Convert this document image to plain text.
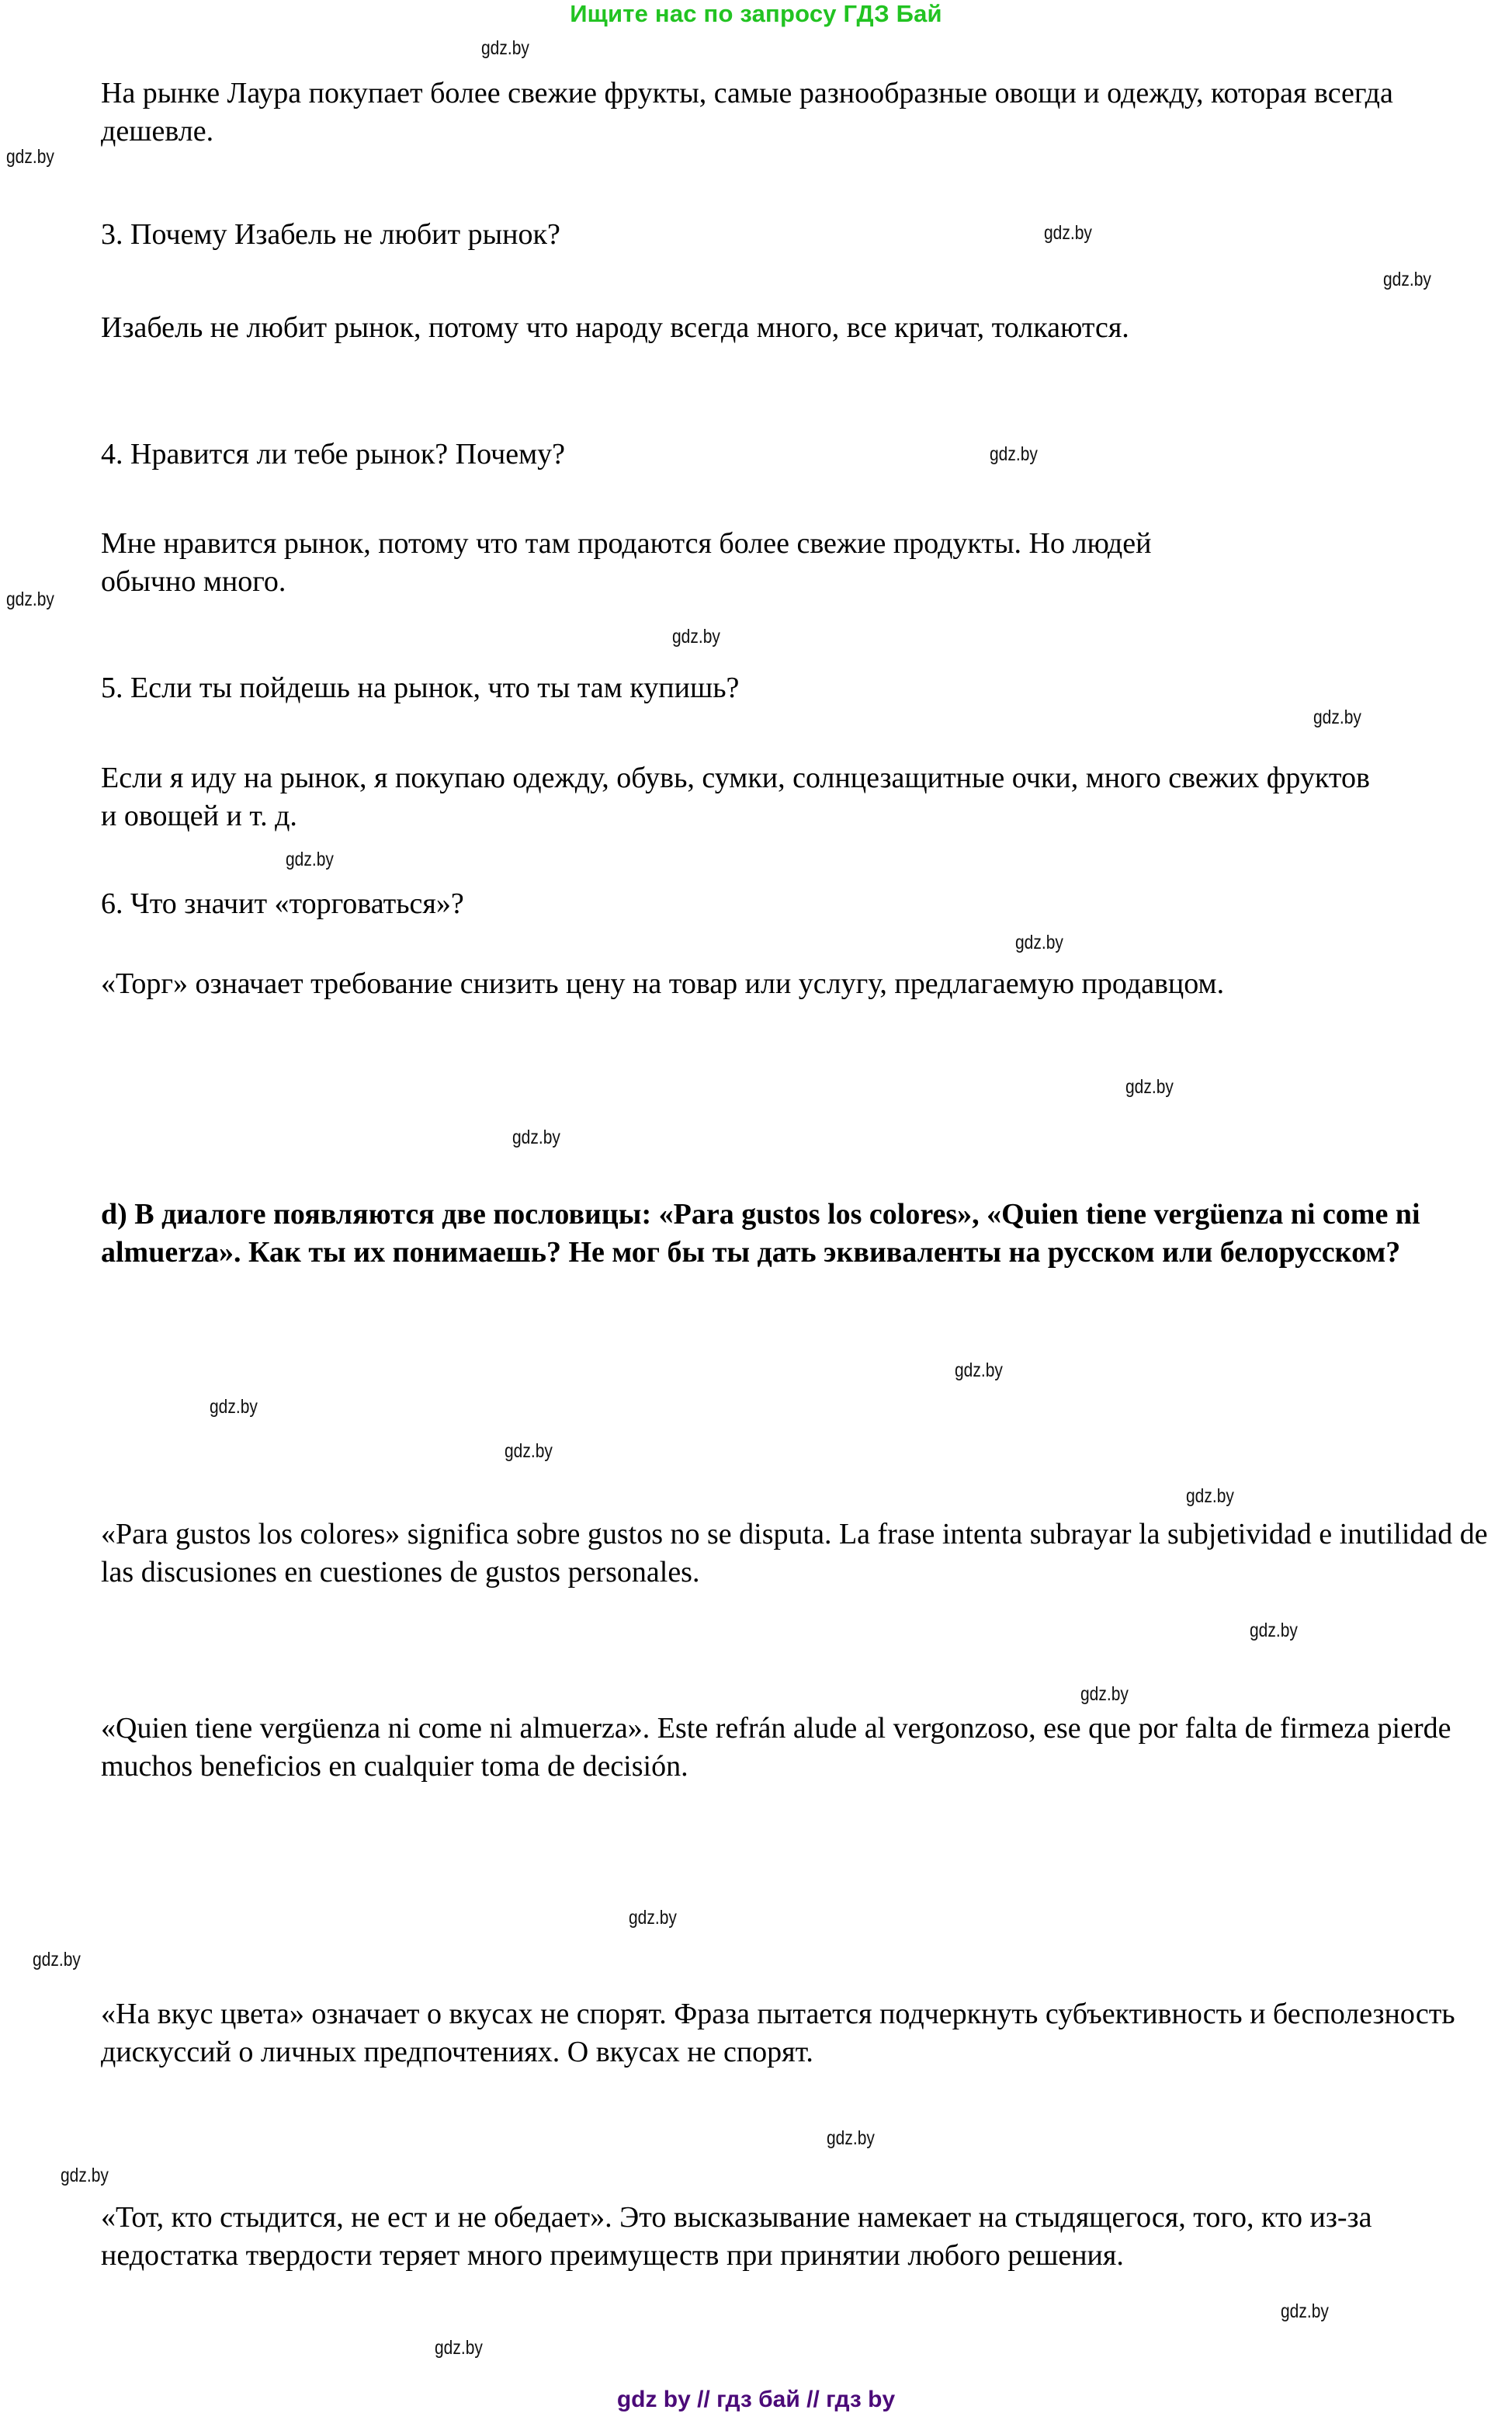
Ищите нас по запросу ГДЗ Бай
gdz.by
gdz.by
На рынке Лаура покупает более свежие фрукты, самые разнообразные овощи и одежду, которая всегда дешевле.
3. Почему Изабель не любит рынок?	gdz.by
gdz.by
Изабель не любит рынок, потому что народу всегда много, все кричат, толкаются.
4. Нравится ли тебе рынок? Почему?	gdz.by
Мне нравится рынок, потому что там продаются более свежие продукты. Но людей обычно много.
gdz.by
gdz.by
5. Если ты пойдешь на рынок, что ты там купишь?
gdz.by
Если я иду на рынок, я покупаю одежду, обувь, сумки, солнцезащитные очки, много свежих фруктов и овощей и т. д.
gdz.by
6. Что значит «торговаться»?
gdz.by
«Торг» означает требование снизить цену на товар или услугу, предлагаемую продавцом.
gdz.by
gdz.by
d) В диалоге появляются две пословицы: «Para gustos los colores», «Quien tiene vergüenza ni come ni almuerza». Как ты их понимаешь? Не мог бы ты дать эквиваленты на русском или белорусском?
gdz.by
gdz.by
gdz.by
gdz.by
«Para gustos los colores» significa sobre gustos no se disputa. La frase intenta subrayar la subjetividad e inutilidad de las discusiones en cuestiones de gustos personales.
gdz.by
gdz.by
«Quien tiene vergüenza ni come ni almuerza». Este refrán alude al vergonzoso, ese que por falta de firmeza pierde muchos beneficios en cualquier toma de decisión.
gdz.by
gdz.by
«На вкус цвета» означает о вкусах не спорят. Фраза пытается подчеркнуть субъективность и бесполезность дискуссий о личных предпочтениях. О вкусах не спорят.
gdz.by
gdz.by
«Тот, кто стыдится, не ест и не обедает». Это высказывание намекает на стыдящегося, того, кто из-за недостатка твердости теряет много преимуществ при принятии любого решения.
gdz.by
gdz.by
gdz by // гдз бай // гдз by
